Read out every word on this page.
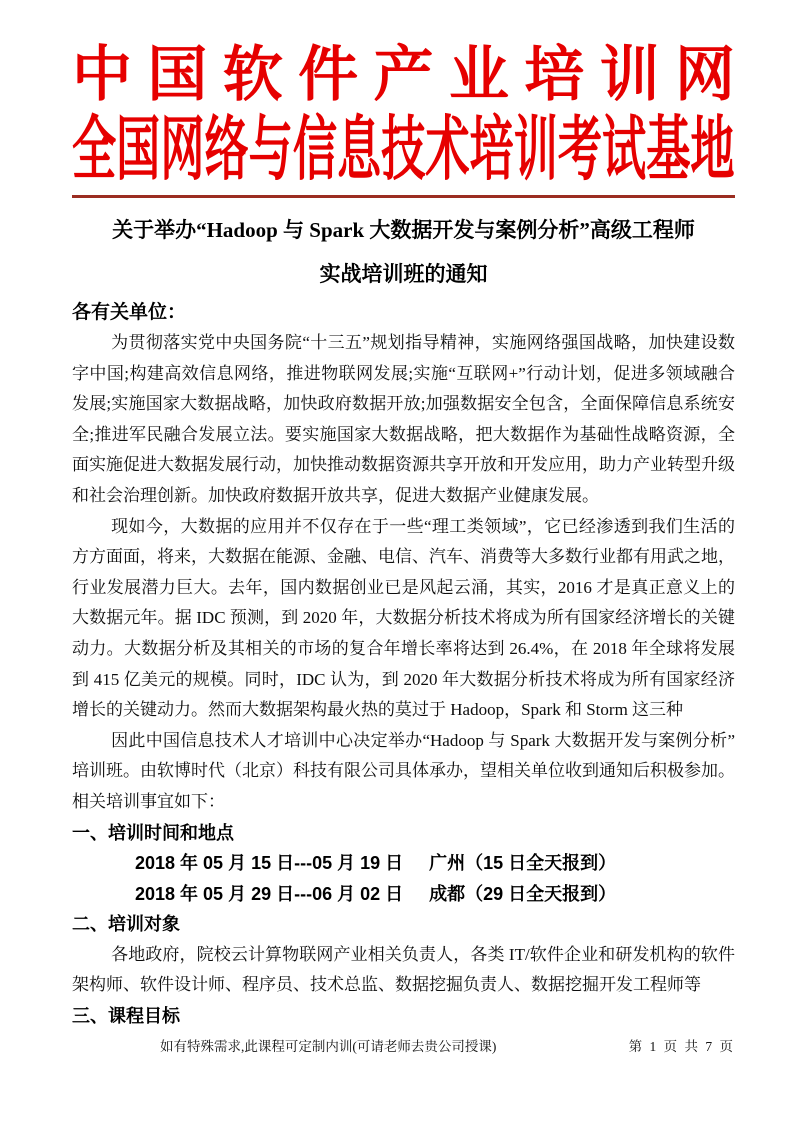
中 国 软 件 产 业 培 训 网
全国网络与信息技术培训考试基地
关于举办“Hadoop 与 Spark 大数据开发与案例分析”高级工程师
实战培训班的通知
各有关单位：

为贯彻落实党中央国务院“十三五”规划指导精神，实施网络强国战略，加快建设数字中国;构建高效信息网络，推进物联网发展;实施“互联网+”行动计划，促进多领域融合发展;实施国家大数据战略，加快政府数据开放;加强数据安全包含，全面保障信息系统安全;推进军民融合发展立法。要实施国家大数据战略，把大数据作为基础性战略资源，全面实施促进大数据发展行动，加快推动数据资源共享开放和开发应用，助力产业转型升级和社会治理创新。加快政府数据开放共享，促进大数据产业健康发展。

现如今，大数据的应用并不仅存在于一些“理工类领域”，它已经渗透到我们生活的方方面面，将来，大数据在能源、金融、电信、汽车、消费等大多数行业都有用武之地，行业发展潜力巨大。去年，国内数据创业已是风起云涌，其实，2016 才是真正意义上的大数据元年。据 IDC 预测，到 2020 年，大数据分析技术将成为所有国家经济增长的关键动力。大数据分析及其相关的市场的复合年增长率将达到 26.4%，在 2018 年全球将发展到 415 亿美元的规模。同时，IDC 认为，到 2020 年大数据分析技术将成为所有国家经济增长的关键动力。然而大数据架构最火热的莫过于 Hadoop，Spark 和 Storm 这三种

因此中国信息技术人才培训中心决定举办“Hadoop 与 Spark 大数据开发与案例分析”培训班。由软博时代（北京）科技有限公司具体承办，望相关单位收到通知后积极参加。相关培训事宜如下：

一、培训时间和地点
2018 年 05 月 15 日---05 月 19 日 广州（15 日全天报到）
2018 年 05 月 29 日---06 月 02 日 成都（29 日全天报到）
二、培训对象

各地政府，院校云计算物联网产业相关负责人，各类 IT/软件企业和研发机构的软件架构师、软件设计师、程序员、技术总监、数据挖掘负责人、数据挖掘开发工程师等

三、课程目标
如有特殊需求,此课程可定制内训(可请老师去贵公司授课)	第 1 页 共 7 页
